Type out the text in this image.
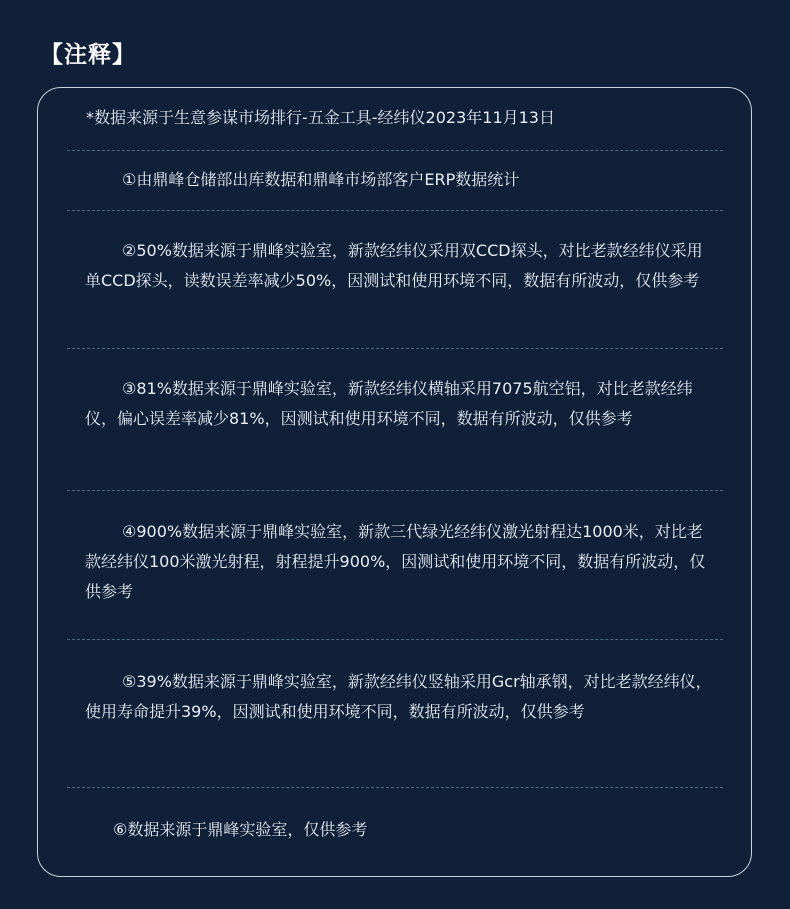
【注释】
*数据来源于生意参谋市场排行-五金工具-经纬仪2023年11月13日

①由鼎峰仓储部出库数据和鼎峰市场部客户ERP数据统计

②50%数据来源于鼎峰实验室，新款经纬仪采用双CCD探头，对比老款经纬仪采用单CCD探头，读数误差率减少50%，因测试和使用环境不同，数据有所波动，仅供参考

③81%数据来源于鼎峰实验室，新款经纬仪横轴采用7075航空铝，对比老款经纬仪，偏心误差率减少81%，因测试和使用环境不同，数据有所波动，仅供参考

④900%数据来源于鼎峰实验室，新款三代绿光经纬仪激光射程达1000米，对比老款经纬仪100米激光射程，射程提升900%，因测试和使用环境不同，数据有所波动，仅供参考

⑤39%数据来源于鼎峰实验室，新款经纬仪竖轴采用Gcr轴承钢，对比老款经纬仪，使用寿命提升39%，因测试和使用环境不同，数据有所波动，仅供参考

⑥数据来源于鼎峰实验室，仅供参考
